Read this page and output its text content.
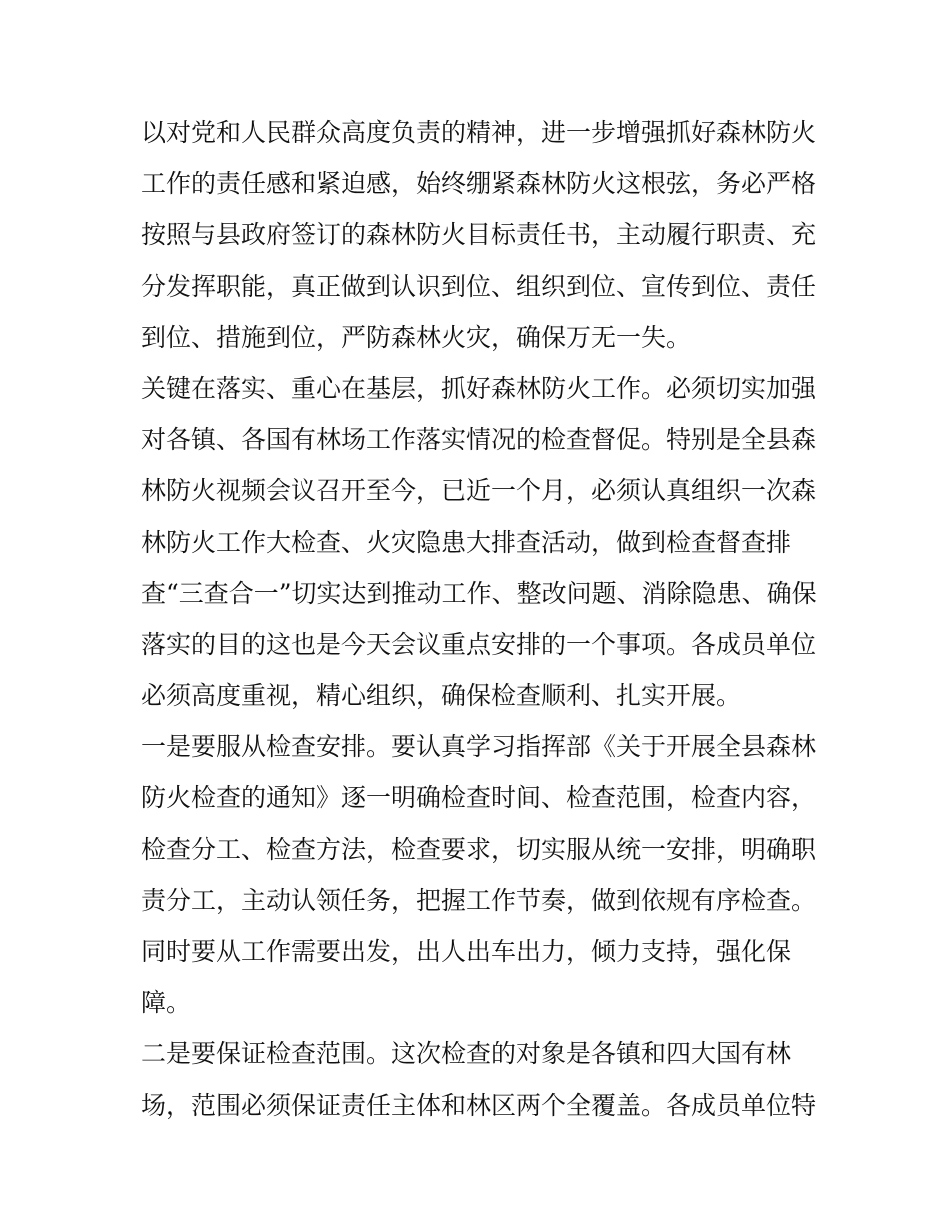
以对党和人民群众高度负责的精神，进一步增强抓好森林防火
工作的责任感和紧迫感，始终绷紧森林防火这根弦，务必严格
按照与县政府签订的森林防火目标责任书，主动履行职责、充
分发挥职能，真正做到认识到位、组织到位、宣传到位、责任
到位、措施到位，严防森林火灾，确保万无一失。
关键在落实、重心在基层，抓好森林防火工作。必须切实加强
对各镇、各国有林场工作落实情况的检查督促。特别是全县森
林防火视频会议召开至今，已近一个月，必须认真组织一次森
林防火工作大检查、火灾隐患大排查活动，做到检查督查排
查“三查合一”切实达到推动工作、整改问题、消除隐患、确保
落实的目的这也是今天会议重点安排的一个事项。各成员单位
必须高度重视，精心组织，确保检查顺利、扎实开展。
一是要服从检查安排。要认真学习指挥部《关于开展全县森林
防火检查的通知》逐一明确检查时间、检查范围，检查内容，
检查分工、检查方法，检查要求，切实服从统一安排，明确职
责分工，主动认领任务，把握工作节奏，做到依规有序检查。
同时要从工作需要出发，出人出车出力，倾力支持，强化保
障。
二是要保证检查范围。这次检查的对象是各镇和四大国有林
场，范围必须保证责任主体和林区两个全覆盖。各成员单位特
